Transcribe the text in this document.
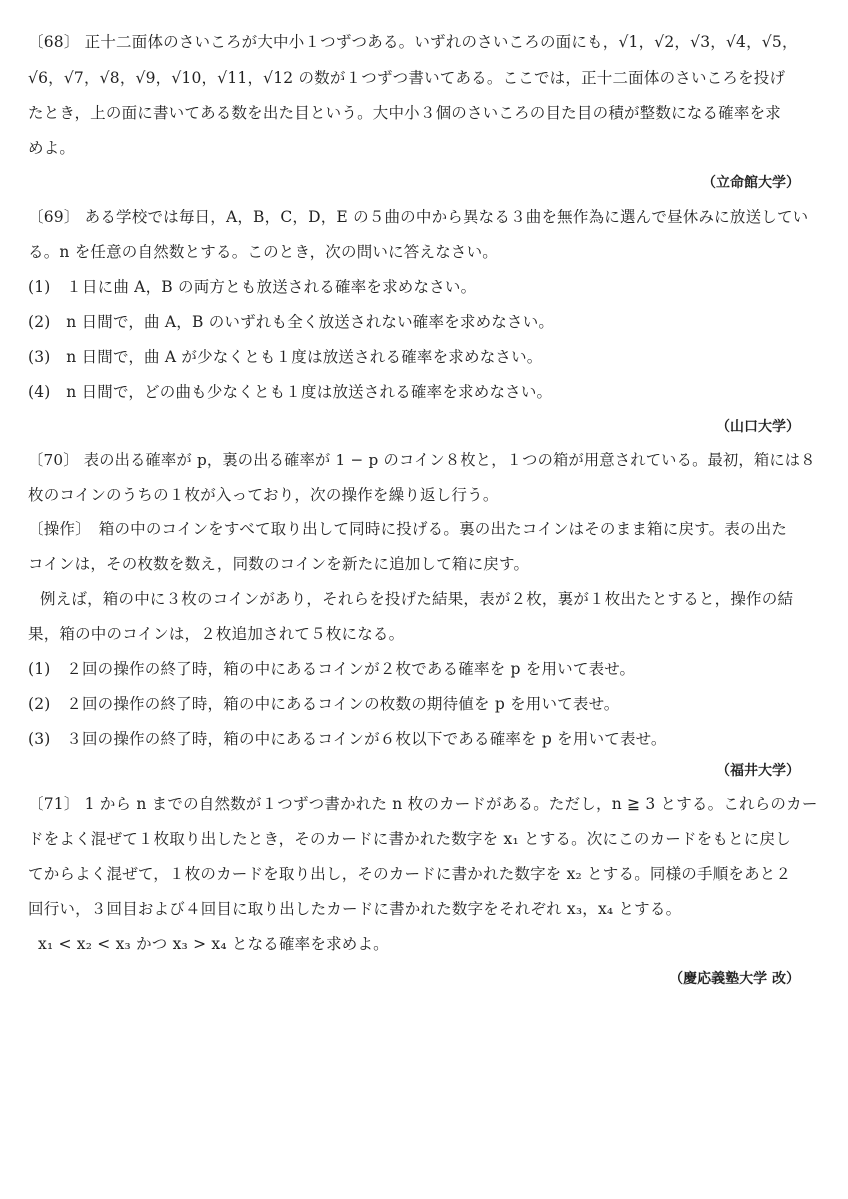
〔68〕 正十二面体のさいころが大中小１つずつある。いずれのさいころの面にも，√1，√2，√3，√4，√5，
√6，√7，√8，√9，√10，√11，√12 の数が１つずつ書いてある。ここでは，正十二面体のさいころを投げ
たとき，上の面に書いてある数を出た目という。大中小３個のさいころの目た目の積が整数になる確率を求
めよ。
（立命館大学）
〔69〕 ある学校では毎日，A，B，C，D，E の５曲の中から異なる３曲を無作為に選んで昼休みに放送してい
る。n を任意の自然数とする。このとき，次の問いに答えなさい。
(1)　１日に曲 A，B の両方とも放送される確率を求めなさい。
(2)　n 日間で，曲 A，B のいずれも全く放送されない確率を求めなさい。
(3)　n 日間で，曲 A が少なくとも１度は放送される確率を求めなさい。
(4)　n 日間で，どの曲も少なくとも１度は放送される確率を求めなさい。
（山口大学）
〔70〕 表の出る確率が p，裏の出る確率が 1 − p のコイン８枚と，１つの箱が用意されている。最初，箱には８
枚のコインのうちの１枚が入っており，次の操作を繰り返し行う。
〔操作〕　箱の中のコインをすべて取り出して同時に投げる。裏の出たコインはそのまま箱に戻す。表の出た
コインは，その枚数を数え，同数のコインを新たに追加して箱に戻す。
例えば，箱の中に３枚のコインがあり，それらを投げた結果，表が２枚，裏が１枚出たとすると，操作の結
果，箱の中のコインは，２枚追加されて５枚になる。
(1)　２回の操作の終了時，箱の中にあるコインが２枚である確率を p を用いて表せ。
(2)　２回の操作の終了時，箱の中にあるコインの枚数の期待値を p を用いて表せ。
(3)　３回の操作の終了時，箱の中にあるコインが６枚以下である確率を p を用いて表せ。
（福井大学）
〔71〕 1 から n までの自然数が１つずつ書かれた n 枚のカードがある。ただし，n ≧ 3 とする。これらのカー
ドをよく混ぜて１枚取り出したとき，そのカードに書かれた数字を x₁ とする。次にこのカードをもとに戻し
てからよく混ぜて，１枚のカードを取り出し，そのカードに書かれた数字を x₂ とする。同様の手順をあと２
回行い，３回目および４回目に取り出したカードに書かれた数字をそれぞれ x₃，x₄ とする。
x₁ < x₂ < x₃ かつ x₃ > x₄ となる確率を求めよ。
（慶応義塾大学 改）
